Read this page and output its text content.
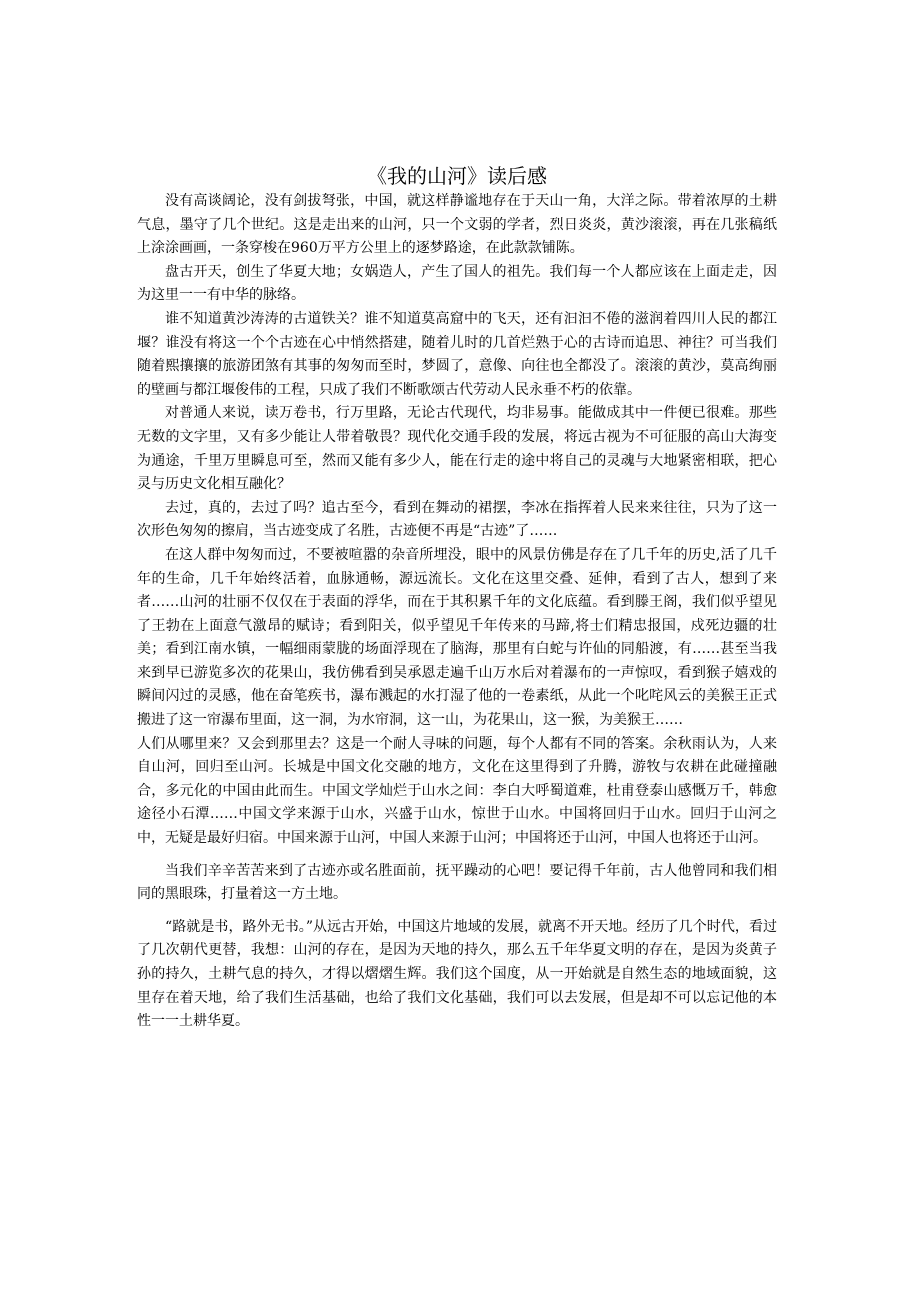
《我的山河》读后感

没有高谈阔论，没有剑拔弩张，中国，就这样静谧地存在于天山一角，大洋之际。带着浓厚的土耕气息，墨守了几个世纪。这是走出来的山河，只一个文弱的学者，烈日炎炎，黄沙滚滚，再在几张稿纸上涂涂画画，一条穿梭在960万平方公里上的逐梦路途，在此款款铺陈。

盘古开天，创生了华夏大地；女娲造人，产生了国人的祖先。我们每一个人都应该在上面走走，因为这里一一有中华的脉络。

谁不知道黄沙涛涛的古道铁关？谁不知道莫高窟中的飞天，还有汩汩不倦的滋润着四川人民的都江堰？谁没有将这一个个古迹在心中悄然搭建，随着儿时的几首烂熟于心的古诗而追思、神往？可当我们随着熙攘攘的旅游团煞有其事的匆匆而至时，梦圆了，意像、向往也全都没了。滚滚的黄沙，莫高绚丽的壁画与都江堰俊伟的工程，只成了我们不断歌颂古代劳动人民永垂不朽的依靠。

对普通人来说，读万卷书，行万里路，无论古代现代，均非易事。能做成其中一件便已很难。那些无数的文字里，又有多少能让人带着敬畏？现代化交通手段的发展，将远古视为不可征服的高山大海变为通途，千里万里瞬息可至，然而又能有多少人，能在行走的途中将自己的灵魂与大地紧密相联，把心灵与历史文化相互融化？

去过，真的，去过了吗？追古至今，看到在舞动的裙摆，李冰在指挥着人民来来往往，只为了这一次形色匆匆的擦肩，当古迹变成了名胜，古迹便不再是“古迹”了……

在这人群中匆匆而过，不要被喧嚣的杂音所埋没，眼中的风景仿佛是存在了几千年的历史,活了几千年的生命，几千年始终活着，血脉通畅，源远流长。文化在这里交叠、延伸，看到了古人，想到了来者……山河的壮丽不仅仅在于表面的浮华，而在于其积累千年的文化底蕴。看到滕王阁，我们似乎望见了王勃在上面意气激昂的赋诗；看到阳关，似乎望见千年传来的马蹄,将士们精忠报国，戍死边疆的壮美；看到江南水镇，一幅细雨蒙胧的场面浮现在了脑海，那里有白蛇与许仙的同船渡，有……甚至当我来到早已游览多次的花果山，我仿佛看到吴承恩走遍千山万水后对着瀑布的一声惊叹，看到猴子嬉戏的瞬间闪过的灵感，他在奋笔疾书，瀑布溅起的水打湿了他的一卷素纸，从此一个叱咤风云的美猴王正式搬进了这一帘瀑布里面，这一洞，为水帘洞，这一山，为花果山，这一猴，为美猴王……

人们从哪里来？又会到那里去？这是一个耐人寻味的问题，每个人都有不同的答案。余秋雨认为，人来自山河，回归至山河。长城是中国文化交融的地方，文化在这里得到了升腾，游牧与农耕在此碰撞融合，多元化的中国由此而生。中国文学灿烂于山水之间：李白大呼蜀道难，杜甫登泰山感慨万千，韩愈途径小石潭……中国文学来源于山水，兴盛于山水，惊世于山水。中国将回归于山水。回归于山河之中，无疑是最好归宿。中国来源于山河，中国人来源于山河；中国将还于山河，中国人也将还于山河。

当我们辛辛苦苦来到了古迹亦或名胜面前，抚平躁动的心吧！要记得千年前，古人他曾同和我们相同的黑眼珠，打量着这一方土地。

“路就是书，路外无书。”从远古开始，中国这片地域的发展，就离不开天地。经历了几个时代，看过了几次朝代更替，我想：山河的存在，是因为天地的持久，那么五千年华夏文明的存在，是因为炎黄子孙的持久，土耕气息的持久，才得以熠熠生辉。我们这个国度，从一开始就是自然生态的地域面貌，这里存在着天地，给了我们生活基础，也给了我们文化基础，我们可以去发展，但是却不可以忘记他的本性一一土耕华夏。
